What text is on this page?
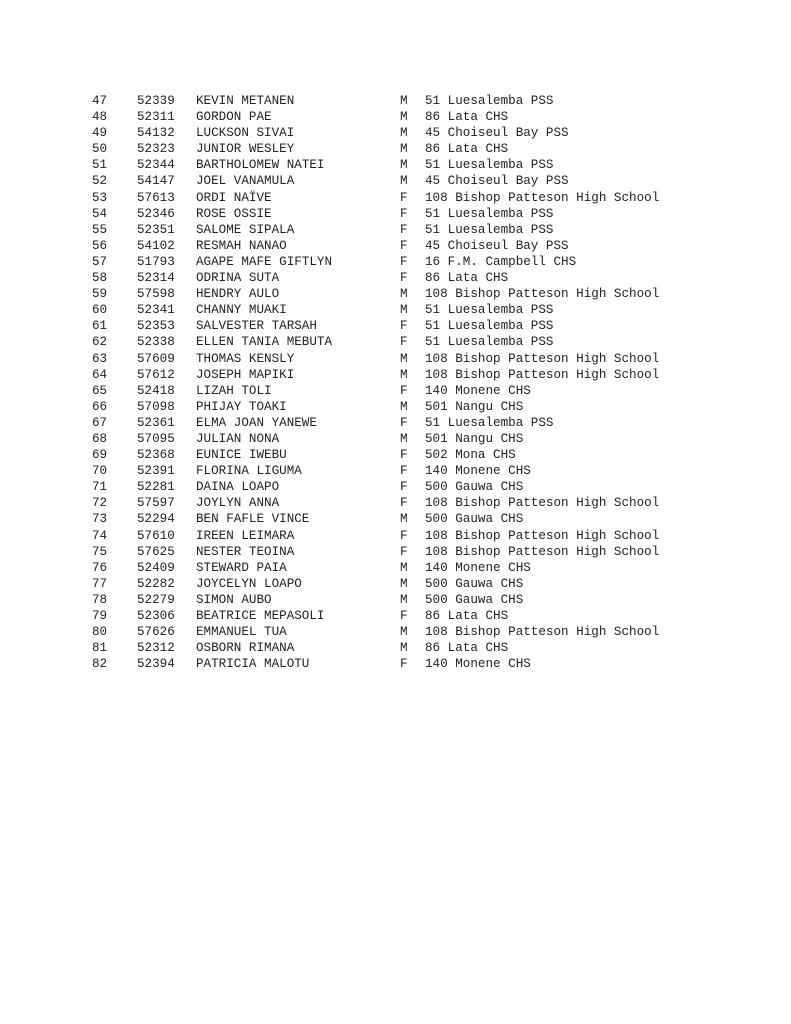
47 52339 KEVIN METANEN	M 51 Luesalemba PSS
48 52311 GORDON PAE	M 86 Lata CHS
49 54132 LUCKSON SIVAI	M 45 Choiseul Bay PSS
50 52323 JUNIOR WESLEY	M 86 Lata CHS
51 52344 BARTHOLOMEW NATEI	M 51 Luesalemba PSS
52 54147 JOEL VANAMULA	M 45 Choiseul Bay PSS
53 57613 ORDI NAÏVE	F 108 Bishop Patteson High School
54 52346 ROSE OSSIE	F 51 Luesalemba PSS
55 52351 SALOME SIPALA	F 51 Luesalemba PSS
56 54102 RESMAH NANAO	F 45 Choiseul Bay PSS
57 51793 AGAPE MAFE GIFTLYN	F 16 F.M. Campbell CHS
58 52314 ODRINA SUTA	F 86 Lata CHS
59 57598 HENDRY AULO	M 108 Bishop Patteson High School
60 52341 CHANNY MUAKI	M 51 Luesalemba PSS
61 52353 SALVESTER TARSAH	F 51 Luesalemba PSS
62 52338 ELLEN TANIA MEBUTA	F 51 Luesalemba PSS
63 57609 THOMAS KENSLY	M 108 Bishop Patteson High School
64 57612 JOSEPH MAPIKI	M 108 Bishop Patteson High School
65 52418 LIZAH TOLI	F 140 Monene CHS
66 57098 PHIJAY TOAKI	M 501 Nangu CHS
67 52361 ELMA JOAN YANEWE	F 51 Luesalemba PSS
68 57095 JULIAN NONA	M 501 Nangu CHS
69 52368 EUNICE IWEBU	F 502 Mona CHS
70 52391 FLORINA LIGUMA	F 140 Monene CHS
71 52281 DAINA LOAPO	F 500 Gauwa CHS
72 57597 JOYLYN ANNA	F 108 Bishop Patteson High School
73 52294 BEN FAFLE VINCE	M 500 Gauwa CHS
74 57610 IREEN LEIMARA	F 108 Bishop Patteson High School
75 57625 NESTER TEOINA	F 108 Bishop Patteson High School
76 52409 STEWARD PAIA	M 140 Monene CHS
77 52282 JOYCELYN LOAPO	M 500 Gauwa CHS
78 52279 SIMON AUBO	M 500 Gauwa CHS
79 52306 BEATRICE MEPASOLI	F 86 Lata CHS
80 57626 EMMANUEL TUA	M 108 Bishop Patteson High School
81 52312 OSBORN RIMANA	M 86 Lata CHS
82 52394 PATRICIA MALOTU	F 140 Monene CHS
